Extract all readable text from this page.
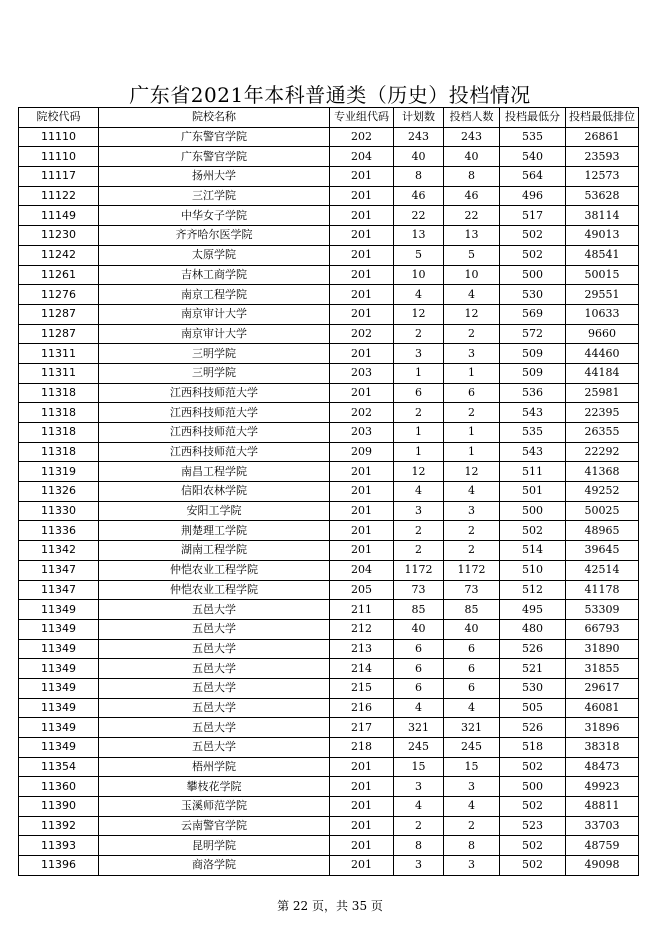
广东省2021年本科普通类（历史）投档情况
院校代码	院校名称	专业组代码	计划数	投档人数	投档最低分	投档最低排位
11110	广东警官学院	202	243	243	535	26861
11110	广东警官学院	204	40	40	540	23593
11117	扬州大学	201	8	8	564	12573
11122	三江学院	201	46	46	496	53628
11149	中华女子学院	201	22	22	517	38114
11230	齐齐哈尔医学院	201	13	13	502	49013
11242	太原学院	201	5	5	502	48541
11261	吉林工商学院	201	10	10	500	50015
11276	南京工程学院	201	4	4	530	29551
11287	南京审计大学	201	12	12	569	10633
11287	南京审计大学	202	2	2	572	9660
11311	三明学院	201	3	3	509	44460
11311	三明学院	203	1	1	509	44184
11318	江西科技师范大学	201	6	6	536	25981
11318	江西科技师范大学	202	2	2	543	22395
11318	江西科技师范大学	203	1	1	535	26355
11318	江西科技师范大学	209	1	1	543	22292
11319	南昌工程学院	201	12	12	511	41368
11326	信阳农林学院	201	4	4	501	49252
11330	安阳工学院	201	3	3	500	50025
11336	荆楚理工学院	201	2	2	502	48965
11342	湖南工程学院	201	2	2	514	39645
11347	仲恺农业工程学院	204	1172	1172	510	42514
11347	仲恺农业工程学院	205	73	73	512	41178
11349	五邑大学	211	85	85	495	53309
11349	五邑大学	212	40	40	480	66793
11349	五邑大学	213	6	6	526	31890
11349	五邑大学	214	6	6	521	31855
11349	五邑大学	215	6	6	530	29617
11349	五邑大学	216	4	4	505	46081
11349	五邑大学	217	321	321	526	31896
11349	五邑大学	218	245	245	518	38318
11354	梧州学院	201	15	15	502	48473
11360	攀枝花学院	201	3	3	500	49923
11390	玉溪师范学院	201	4	4	502	48811
11392	云南警官学院	201	2	2	523	33703
11393	昆明学院	201	8	8	502	48759
11396	商洛学院	201	3	3	502	49098
第 22 页，共 35 页
